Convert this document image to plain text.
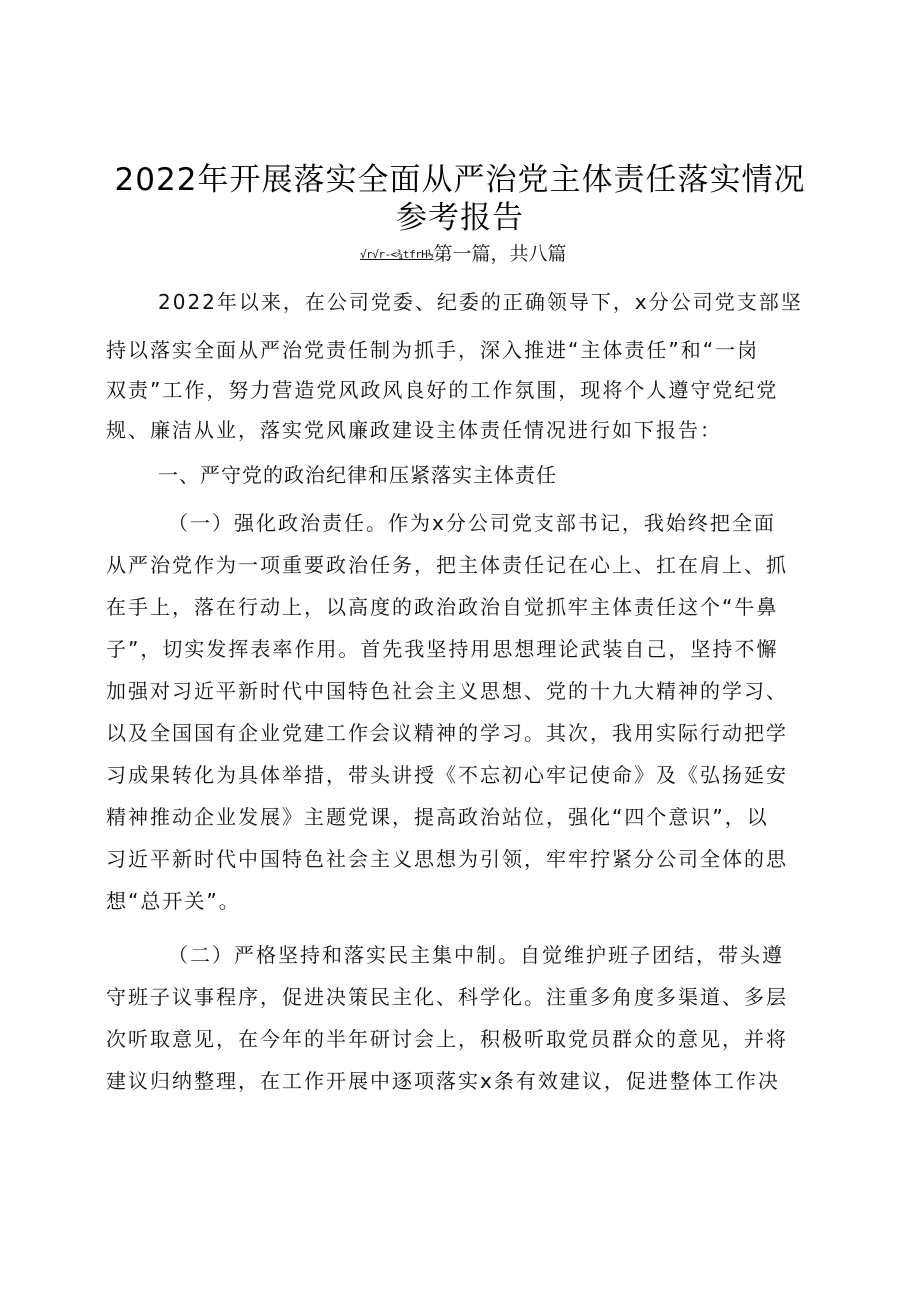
2022年开展落实全面从严治党主体责任落实情况
参考报告
√r√r-<¾tfrH½第一篇，共八篇
2022年以来，在公司党委、纪委的正确领导下，x分公司党支部坚
持以落实全面从严治党责任制为抓手，深入推进“主体责任”和“一岗
双责”工作，努力营造党风政风良好的工作氛围，现将个人遵守党纪党
规、廉洁从业，落实党风廉政建设主体责任情况进行如下报告：
一、严守党的政治纪律和压紧落实主体责任
（一）强化政治责任。作为x分公司党支部书记，我始终把全面
从严治党作为一项重要政治任务，把主体责任记在心上、扛在肩上、抓
在手上，落在行动上，以高度的政治政治自觉抓牢主体责任这个“牛鼻
子”，切实发挥表率作用。首先我坚持用思想理论武装自己，坚持不懈
加强对习近平新时代中国特色社会主义思想、党的十九大精神的学习、
以及全国国有企业党建工作会议精神的学习。其次，我用实际行动把学
习成果转化为具体举措，带头讲授《不忘初心牢记使命》及《弘扬延安
精神推动企业发展》主题党课，提高政治站位，强化“四个意识”，以
习近平新时代中国特色社会主义思想为引领，牢牢拧紧分公司全体的思
想“总开关”。
（二）严格坚持和落实民主集中制。自觉维护班子团结，带头遵
守班子议事程序，促进决策民主化、科学化。注重多角度多渠道、多层
次听取意见，在今年的半年研讨会上，积极听取党员群众的意见，并将
建议归纳整理，在工作开展中逐项落实x条有效建议，促进整体工作决
